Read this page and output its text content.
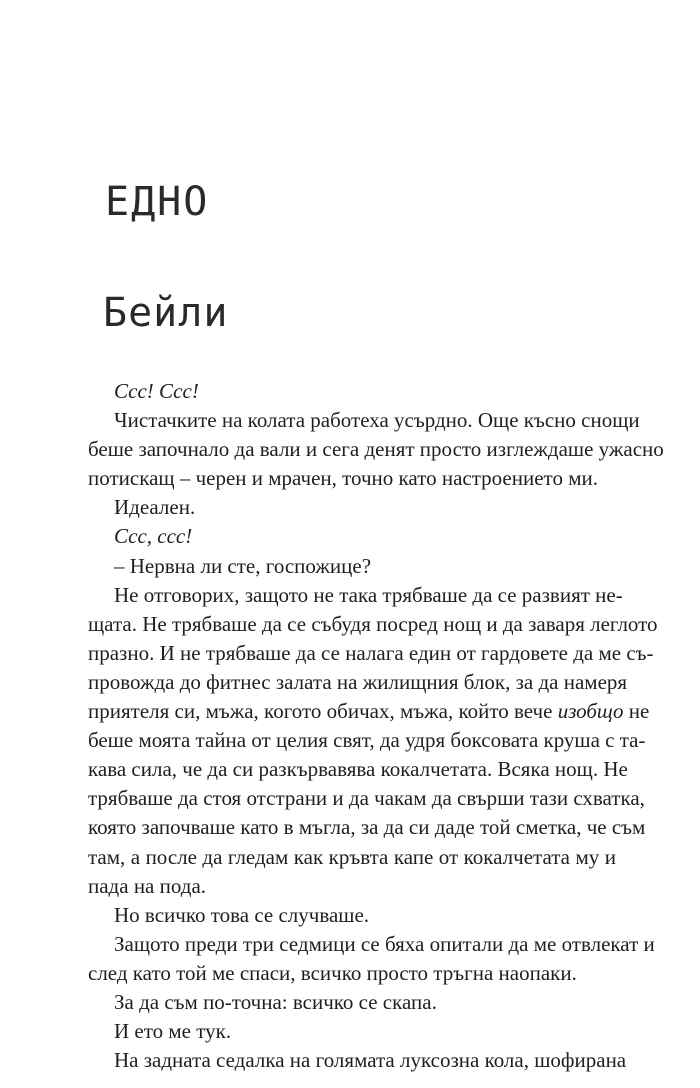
ЕДНО
Бейли
Ссс! Ссс!
Чистачките на колата работеха усърдно. Още късно снощи
беше започнало да вали и сега денят просто изглеждаше ужасно
потискащ – черен и мрачен, точно като настроението ми.
Идеален.
Ссс, ссс!
– Нервна ли сте, госпожице?
Не отговорих, защото не така трябваше да се развият не-
щата. Не трябваше да се събудя посред нощ и да заваря леглото
празно. И не трябваше да се налага един от гардовете да ме съ-
провожда до фитнес залата на жилищния блок, за да намеря
приятеля си, мъжа, когото обичах, мъжа, който вече изобщо не
беше моята тайна от целия свят, да удря боксовата круша с та-
кава сила, че да си разкървавява кокалчетата. Всяка нощ. Не
трябваше да стоя отстрани и да чакам да свърши тази схватка,
която започваше като в мъгла, за да си даде той сметка, че съм
там, а после да гледам как кръвта капе от кокалчетата му и
пада на пода.
Но всичко това се случваше.
Защото преди три седмици се бяха опитали да ме отвлекат и
след като той ме спаси, всичко просто тръгна наопаки.
За да съм по-точна: всичко се скапа.
И ето ме тук.
На задната седалка на голямата луксозна кола, шофирана
